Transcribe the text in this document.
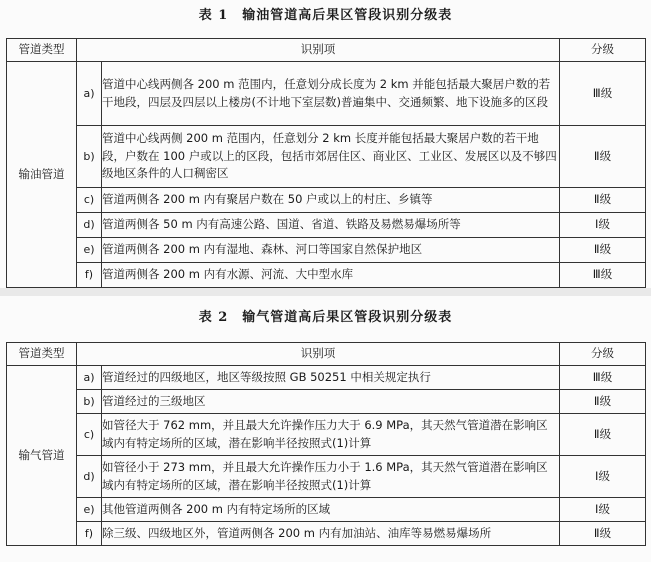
表 1　输油管道高后果区管段识别分级表
管道类型	识别项		分级
输油管道	a)	管道中心线两侧各 200 m 范围内，任意划分成长度为 2 km 并能包括最大聚居户数的若干地段，四层及四层以上楼房(不计地下室层数)普遍集中、交通频繁、地下设施多的区段	Ⅲ级
	b)	管道中心线两侧 200 m 范围内，任意划分 2 km 长度并能包括最大聚居户数的若干地段，户数在 100 户或以上的区段，包括市郊居住区、商业区、工业区、发展区以及不够四级地区条件的人口稠密区	Ⅱ级
	c)	管道两侧各 200 m 内有聚居户数在 50 户或以上的村庄、乡镇等	Ⅱ级
	d)	管道两侧各 50 m 内有高速公路、国道、省道、铁路及易燃易爆场所等	Ⅰ级
	e)	管道两侧各 200 m 内有湿地、森林、河口等国家自然保护地区	Ⅱ级
	f)	管道两侧各 200 m 内有水源、河流、大中型水库	Ⅲ级
表 2　输气管道高后果区管段识别分级表
管道类型	识别项		分级
输气管道	a)	管道经过的四级地区，地区等级按照 GB 50251 中相关规定执行	Ⅲ级
	b)	管道经过的三级地区	Ⅱ级
	c)	如管径大于 762 mm，并且最大允许操作压力大于 6.9 MPa，其天然气管道潜在影响区域内有特定场所的区域，潜在影响半径按照式(1)计算	Ⅱ级
	d)	如管径小于 273 mm，并且最大允许操作压力小于 1.6 MPa，其天然气管道潜在影响区域内有特定场所的区域，潜在影响半径按照式(1)计算	Ⅰ级
	e)	其他管道两侧各 200 m 内有特定场所的区域	Ⅰ级
	f)	除三级、四级地区外，管道两侧各 200 m 内有加油站、油库等易燃易爆场所	Ⅱ级
